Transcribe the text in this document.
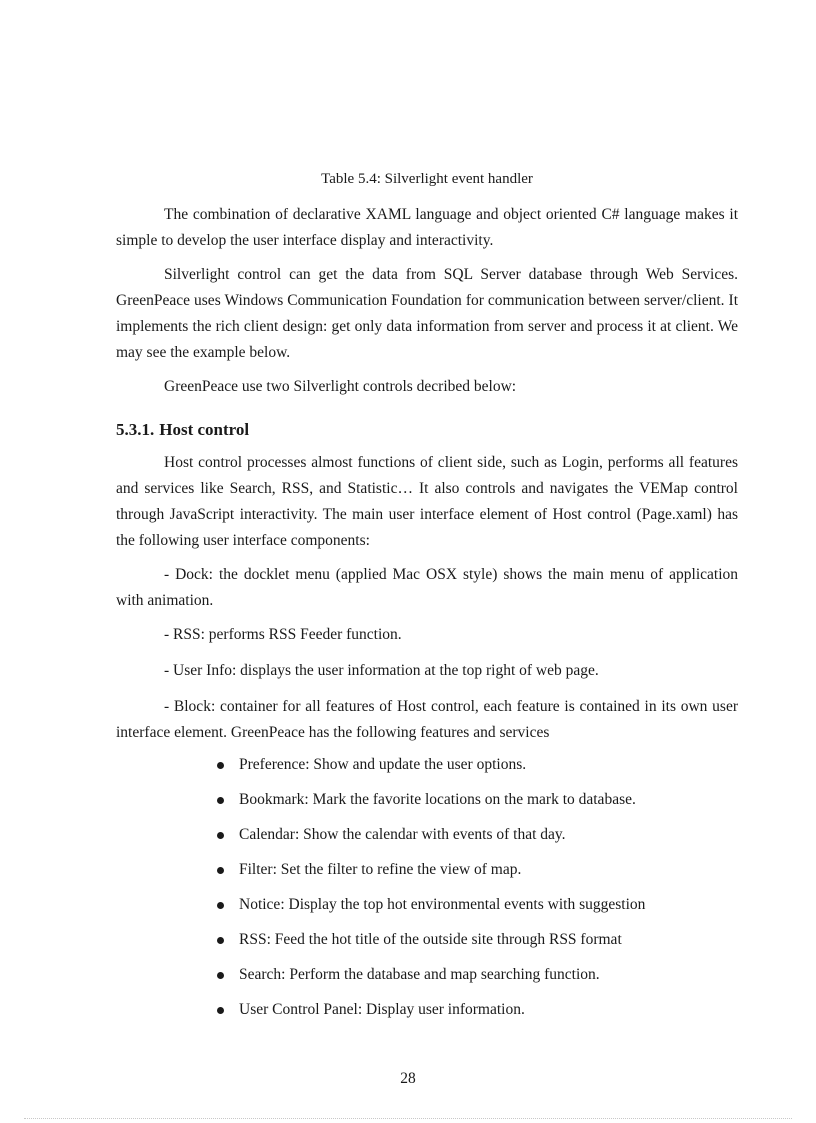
Table 5.4: Silverlight event handler

The combination of declarative XAML language and object oriented C# language makes it simple to develop the user interface display and interactivity.

Silverlight control can get the data from SQL Server database through Web Services. GreenPeace uses Windows Communication Foundation for communication between server/client. It implements the rich client design: get only data information from server and process it at client. We may see the example below.

GreenPeace use two Silverlight controls decribed below:

5.3.1. Host control

Host control processes almost functions of client side, such as Login, performs all features and services like Search, RSS, and Statistic… It also controls and navigates the VEMap control through JavaScript interactivity. The main user interface element of Host control (Page.xaml) has the following user interface components:

- Dock: the docklet menu (applied Mac OSX style) shows the main menu of application with animation.

- RSS: performs RSS Feeder function.

- User Info: displays the user information at the top right of web page.

- Block: container for all features of Host control, each feature is contained in its own user interface element. GreenPeace has the following features and services

Preference: Show and update the user options.
Bookmark: Mark the favorite locations on the mark to database.
Calendar: Show the calendar with events of that day.
Filter: Set the filter to refine the view of map.
Notice: Display the top hot environmental events with suggestion
RSS: Feed the hot title of the outside site through RSS format
Search: Perform the database and map searching function.
User Control Panel: Display user information.
28
